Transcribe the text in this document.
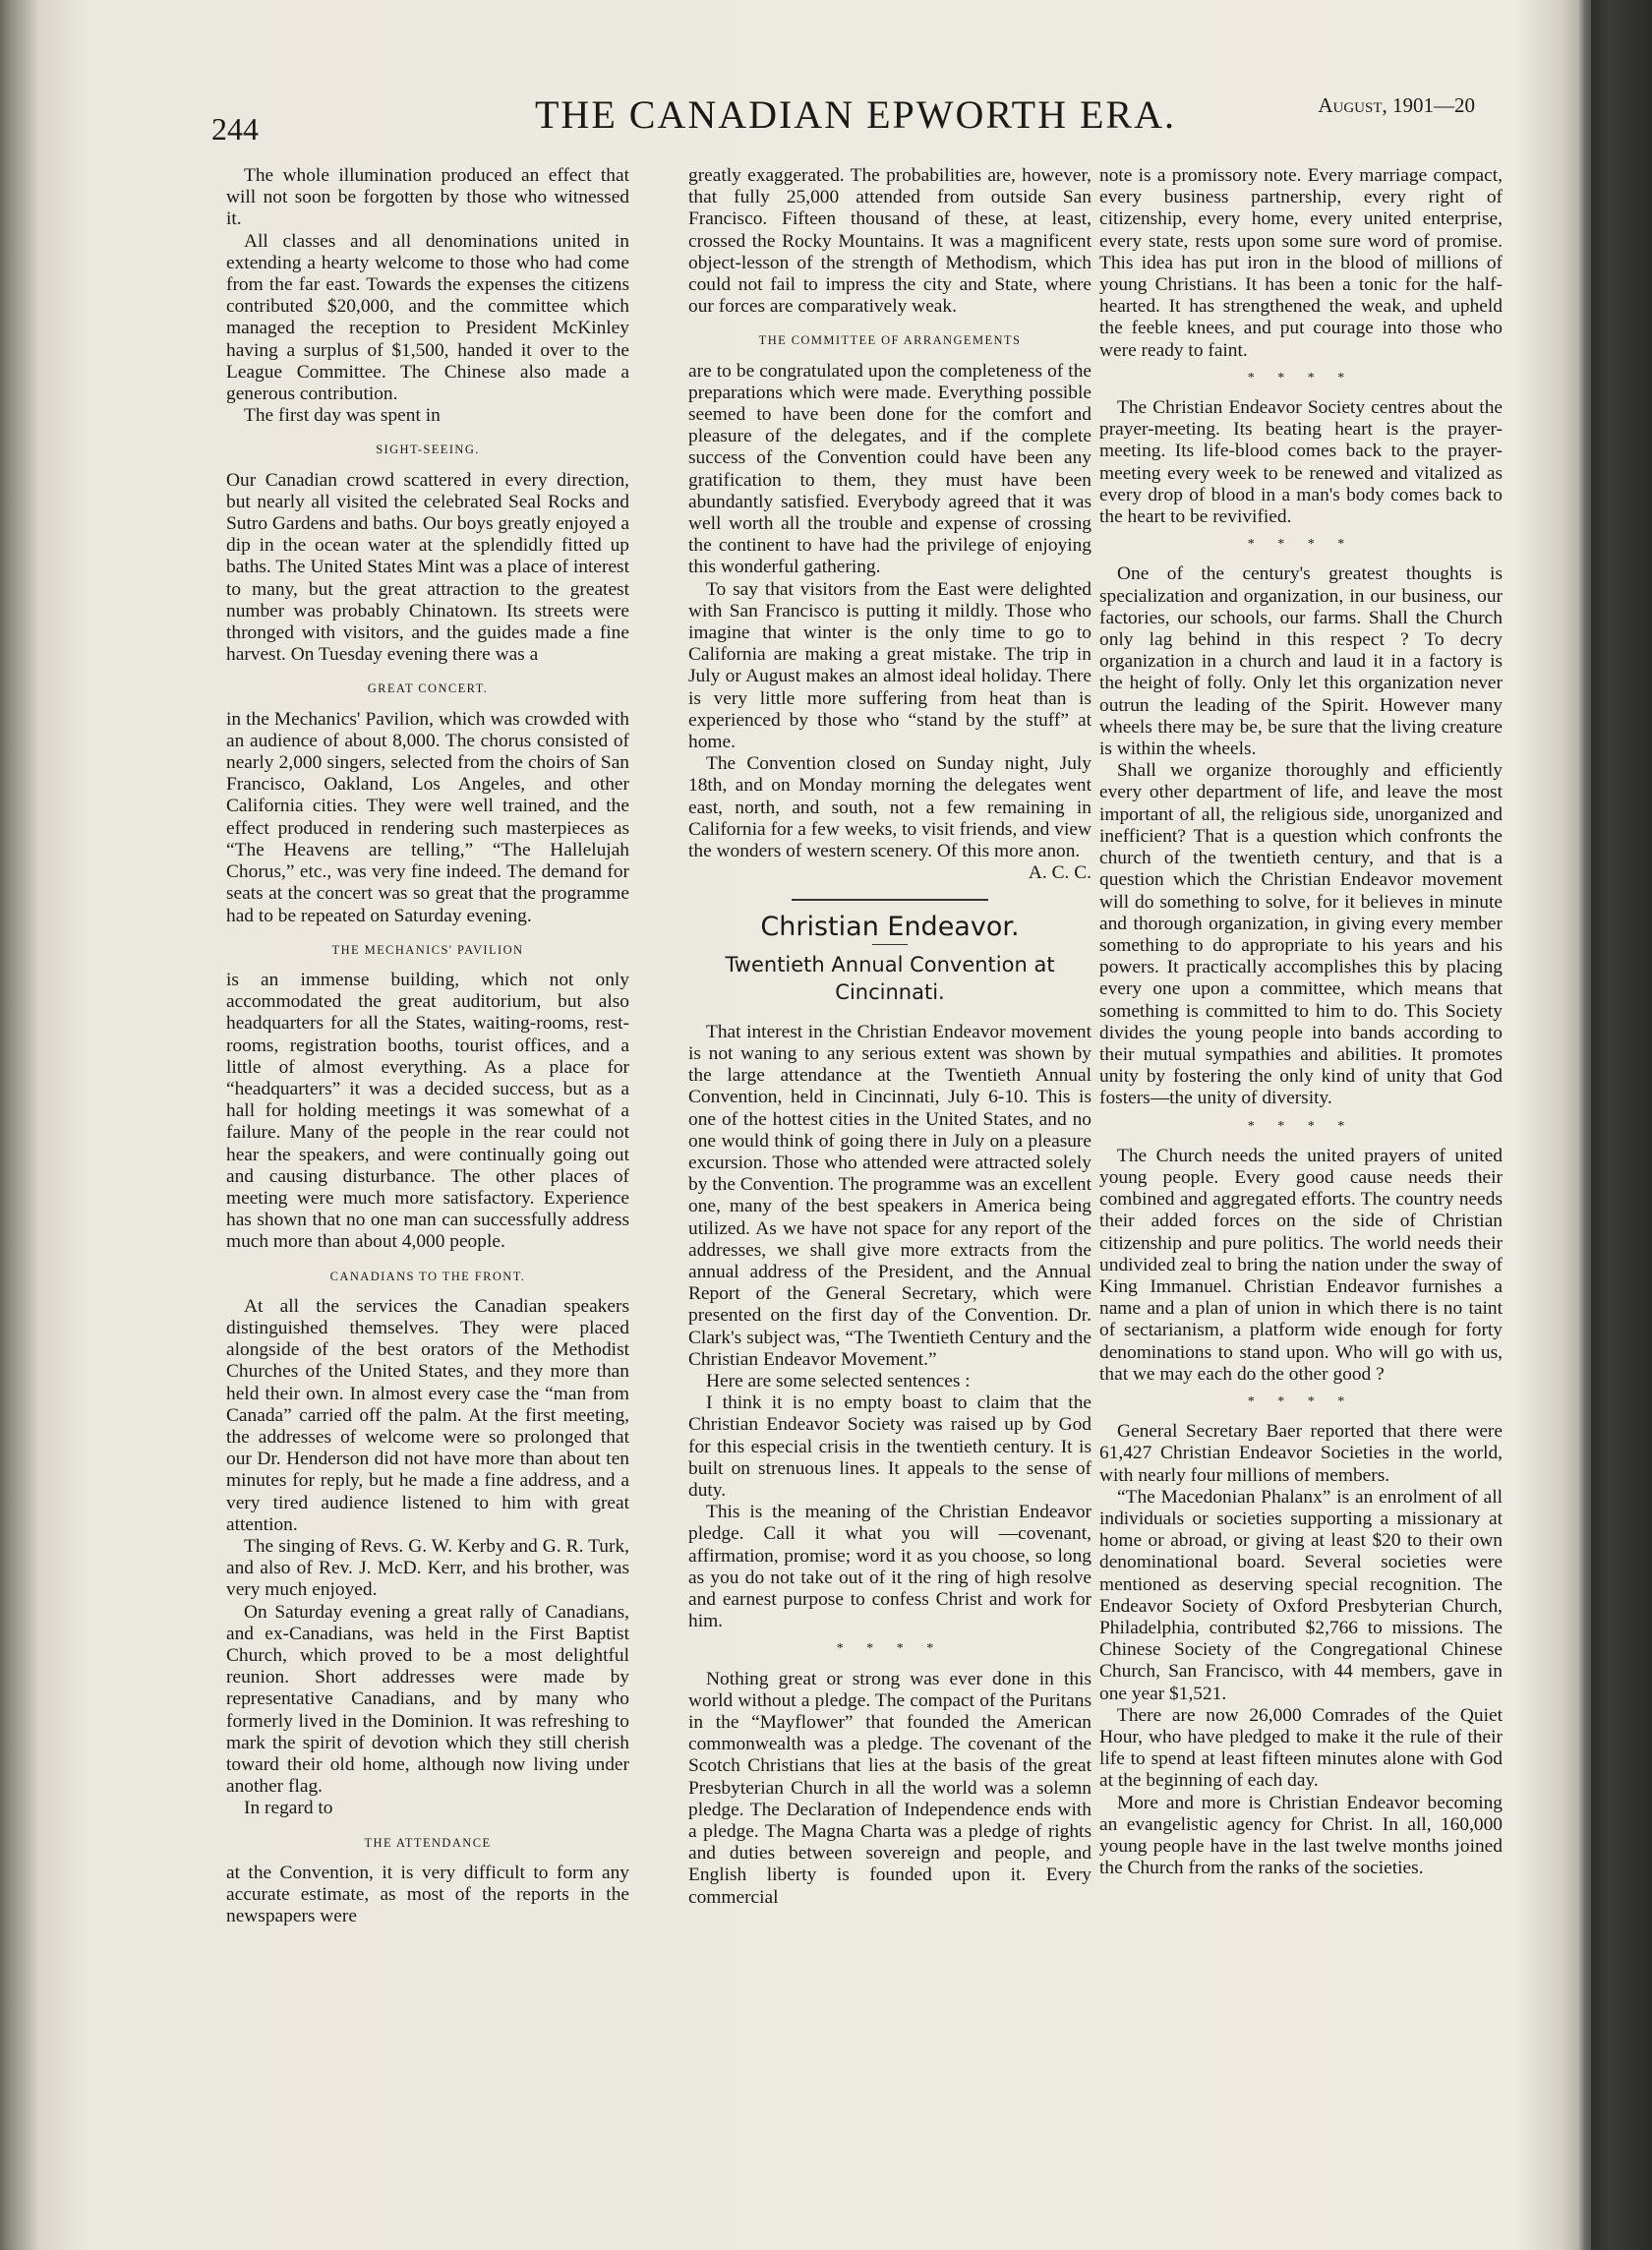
244	THE CANADIAN EPWORTH ERA.	August, 1901—20

The whole illumination produced an effect that will not soon be forgotten by those who witnessed it.

All classes and all denominations united in extending a hearty welcome to those who had come from the far east. Towards the expenses the citizens contributed $20,000, and the committee which managed the reception to President McKinley having a surplus of $1,500, handed it over to the League Committee. The Chinese also made a generous contribution.

The first day was spent in

SIGHT-SEEING.

Our Canadian crowd scattered in every direction, but nearly all visited the celebrated Seal Rocks and Sutro Gardens and baths. Our boys greatly enjoyed a dip in the ocean water at the splendidly fitted up baths. The United States Mint was a place of interest to many, but the great attraction to the greatest number was probably Chinatown. Its streets were thronged with visitors, and the guides made a fine harvest. On Tuesday evening there was a

GREAT CONCERT.

in the Mechanics' Pavilion, which was crowded with an audience of about 8,000. The chorus consisted of nearly 2,000 singers, selected from the choirs of San Francisco, Oakland, Los Angeles, and other California cities. They were well trained, and the effect produced in rendering such masterpieces as “The Heavens are telling,” “The Hallelujah Chorus,” etc., was very fine indeed. The demand for seats at the concert was so great that the programme had to be repeated on Saturday evening.

THE MECHANICS' PAVILION

is an immense building, which not only accommodated the great auditorium, but also headquarters for all the States, waiting-rooms, rest-rooms, registration booths, tourist offices, and a little of almost everything. As a place for “headquarters” it was a decided success, but as a hall for holding meetings it was somewhat of a failure. Many of the people in the rear could not hear the speakers, and were continually going out and causing disturbance. The other places of meeting were much more satisfactory. Experience has shown that no one man can successfully address much more than about 4,000 people.

CANADIANS TO THE FRONT.

At all the services the Canadian speakers distinguished themselves. They were placed alongside of the best orators of the Methodist Churches of the United States, and they more than held their own. In almost every case the “man from Canada” carried off the palm. At the first meeting, the addresses of welcome were so prolonged that our Dr. Henderson did not have more than about ten minutes for reply, but he made a fine address, and a very tired audience listened to him with great attention.

The singing of Revs. G. W. Kerby and G. R. Turk, and also of Rev. J. McD. Kerr, and his brother, was very much enjoyed.

On Saturday evening a great rally of Canadians, and ex-Canadians, was held in the First Baptist Church, which proved to be a most delightful reunion. Short addresses were made by representative Canadians, and by many who formerly lived in the Dominion. It was refreshing to mark the spirit of devotion which they still cherish toward their old home, although now living under another flag.

In regard to

THE ATTENDANCE

at the Convention, it is very difficult to form any accurate estimate, as most of the reports in the newspapers were

greatly exaggerated. The probabilities are, however, that fully 25,000 attended from outside San Francisco. Fifteen thousand of these, at least, crossed the Rocky Mountains. It was a magnificent object-lesson of the strength of Methodism, which could not fail to impress the city and State, where our forces are comparatively weak.

THE COMMITTEE OF ARRANGEMENTS

are to be congratulated upon the completeness of the preparations which were made. Everything possible seemed to have been done for the comfort and pleasure of the delegates, and if the complete success of the Convention could have been any gratification to them, they must have been abundantly satisfied. Everybody agreed that it was well worth all the trouble and expense of crossing the continent to have had the privilege of enjoying this wonderful gathering.

To say that visitors from the East were delighted with San Francisco is putting it mildly. Those who imagine that winter is the only time to go to California are making a great mistake. The trip in July or August makes an almost ideal holiday. There is very little more suffering from heat than is experienced by those who “stand by the stuff” at home.

The Convention closed on Sunday night, July 18th, and on Monday morning the delegates went east, north, and south, not a few remaining in California for a few weeks, to visit friends, and view the wonders of western scenery. Of this more anon.

A. C. C.

Christian Endeavor.
Twentieth Annual Convention at Cincinnati.

That interest in the Christian Endeavor movement is not waning to any serious extent was shown by the large attendance at the Twentieth Annual Convention, held in Cincinnati, July 6-10. This is one of the hottest cities in the United States, and no one would think of going there in July on a pleasure excursion. Those who attended were attracted solely by the Convention. The programme was an excellent one, many of the best speakers in America being utilized. As we have not space for any report of the addresses, we shall give more extracts from the annual address of the President, and the Annual Report of the General Secretary, which were presented on the first day of the Convention. Dr. Clark's subject was, “The Twentieth Century and the Christian Endeavor Movement.”

Here are some selected sentences :

I think it is no empty boast to claim that the Christian Endeavor Society was raised up by God for this especial crisis in the twentieth century. It is built on strenuous lines. It appeals to the sense of duty.

This is the meaning of the Christian Endeavor pledge. Call it what you will —covenant, affirmation, promise; word it as you choose, so long as you do not take out of it the ring of high resolve and earnest purpose to confess Christ and work for him.

* * * *

Nothing great or strong was ever done in this world without a pledge. The compact of the Puritans in the “Mayflower” that founded the American commonwealth was a pledge. The covenant of the Scotch Christians that lies at the basis of the great Presbyterian Church in all the world was a solemn pledge. The Declaration of Independence ends with a pledge. The Magna Charta was a pledge of rights and duties between sovereign and people, and English liberty is founded upon it. Every commercial

note is a promissory note. Every marriage compact, every business partnership, every right of citizenship, every home, every united enterprise, every state, rests upon some sure word of promise. This idea has put iron in the blood of millions of young Christians. It has been a tonic for the half-hearted. It has strengthened the weak, and upheld the feeble knees, and put courage into those who were ready to faint.

* * * *

The Christian Endeavor Society centres about the prayer-meeting. Its beating heart is the prayer-meeting. Its life-blood comes back to the prayer-meeting every week to be renewed and vitalized as every drop of blood in a man's body comes back to the heart to be revivified.

* * * *

One of the century's greatest thoughts is specialization and organization, in our business, our factories, our schools, our farms. Shall the Church only lag behind in this respect ? To decry organization in a church and laud it in a factory is the height of folly. Only let this organization never outrun the leading of the Spirit. However many wheels there may be, be sure that the living creature is within the wheels.

Shall we organize thoroughly and efficiently every other department of life, and leave the most important of all, the religious side, unorganized and inefficient? That is a question which confronts the church of the twentieth century, and that is a question which the Christian Endeavor movement will do something to solve, for it believes in minute and thorough organization, in giving every member something to do appropriate to his years and his powers. It practically accomplishes this by placing every one upon a committee, which means that something is committed to him to do. This Society divides the young people into bands according to their mutual sympathies and abilities. It promotes unity by fostering the only kind of unity that God fosters—the unity of diversity.

* * * *

The Church needs the united prayers of united young people. Every good cause needs their combined and aggregated efforts. The country needs their added forces on the side of Christian citizenship and pure politics. The world needs their undivided zeal to bring the nation under the sway of King Immanuel. Christian Endeavor furnishes a name and a plan of union in which there is no taint of sectarianism, a platform wide enough for forty denominations to stand upon. Who will go with us, that we may each do the other good ?

* * * *

General Secretary Baer reported that there were 61,427 Christian Endeavor Societies in the world, with nearly four millions of members.

“The Macedonian Phalanx” is an enrolment of all individuals or societies supporting a missionary at home or abroad, or giving at least $20 to their own denominational board. Several societies were mentioned as deserving special recognition. The Endeavor Society of Oxford Presbyterian Church, Philadelphia, contributed $2,766 to missions. The Chinese Society of the Congregational Chinese Church, San Francisco, with 44 members, gave in one year $1,521.

There are now 26,000 Comrades of the Quiet Hour, who have pledged to make it the rule of their life to spend at least fifteen minutes alone with God at the beginning of each day.

More and more is Christian Endeavor becoming an evangelistic agency for Christ. In all, 160,000 young people have in the last twelve months joined the Church from the ranks of the societies.
